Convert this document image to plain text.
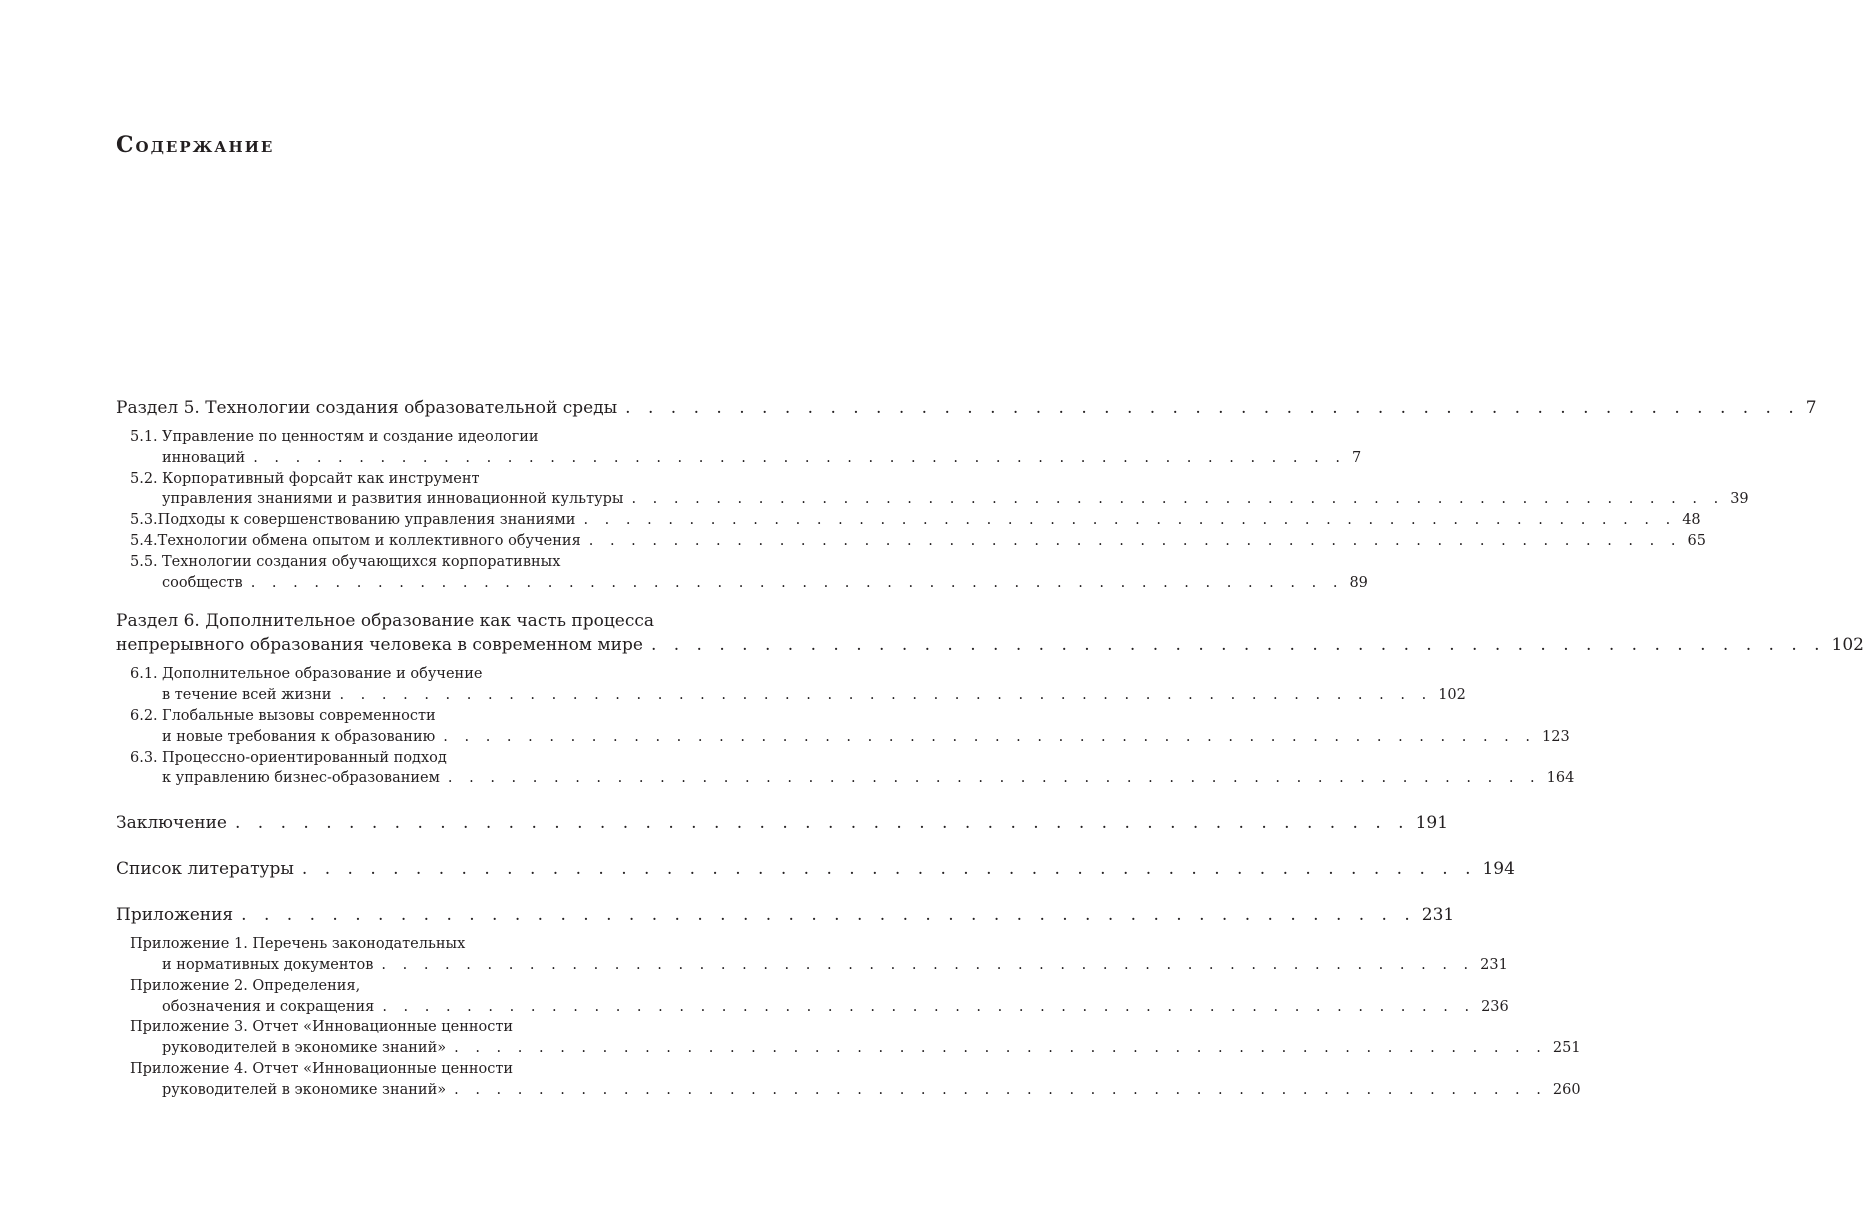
Содержание
Раздел 5. Технологии создания образовательной среды . . . . . . . . . . . . . . . . . . . . . . . . . . . . . . . . . . . . . . . . . . . . . . . . . . . . 7
5.1. Управление по ценностям и создание идеологии
инноваций . . . . . . . . . . . . . . . . . . . . . . . . . . . . . . . . . . . . . . . . . . . . . . . . . . . . 7
5.2. Корпоративный форсайт как инструмент
управления знаниями и развития инновационной культуры . . . . . . . . . . . . . . . . . . . . . . . . . . . . . . . . . . . . . . . . . . . . . . . . . . . . 39
5.3. Подходы к совершенствованию управления знаниями . . . . . . . . . . . . . . . . . . . . . . . . . . . . . . . . . . . . . . . . . . . . . . . . . . . . 48
5.4. Технологии обмена опытом и коллективного обучения . . . . . . . . . . . . . . . . . . . . . . . . . . . . . . . . . . . . . . . . . . . . . . . . . . . . 65
5.5. Технологии создания обучающихся корпоративных
сообществ . . . . . . . . . . . . . . . . . . . . . . . . . . . . . . . . . . . . . . . . . . . . . . . . . . . . 89
Раздел 6. Дополнительное образование как часть процесса
непрерывного образования человека в современном мире . . . . . . . . . . . . . . . . . . . . . . . . . . . . . . . . . . . . . . . . . . . . . . . . . . . . 102
6.1. Дополнительное образование и обучение
в течение всей жизни . . . . . . . . . . . . . . . . . . . . . . . . . . . . . . . . . . . . . . . . . . . . . . . . . . . . 102
6.2. Глобальные вызовы современности
и новые требования к образованию . . . . . . . . . . . . . . . . . . . . . . . . . . . . . . . . . . . . . . . . . . . . . . . . . . . . 123
6.3. Процессно-ориентированный подход
к управлению бизнес-образованием . . . . . . . . . . . . . . . . . . . . . . . . . . . . . . . . . . . . . . . . . . . . . . . . . . . . 164
Заключение . . . . . . . . . . . . . . . . . . . . . . . . . . . . . . . . . . . . . . . . . . . . . . . . . . . . 191
Список литературы . . . . . . . . . . . . . . . . . . . . . . . . . . . . . . . . . . . . . . . . . . . . . . . . . . . . 194
Приложения . . . . . . . . . . . . . . . . . . . . . . . . . . . . . . . . . . . . . . . . . . . . . . . . . . . . 231
Приложение 1. Перечень законодательных
и нормативных документов . . . . . . . . . . . . . . . . . . . . . . . . . . . . . . . . . . . . . . . . . . . . . . . . . . . . 231
Приложение 2. Определения,
обозначения и сокращения . . . . . . . . . . . . . . . . . . . . . . . . . . . . . . . . . . . . . . . . . . . . . . . . . . . . 236
Приложение 3. Отчет «Инновационные ценности
руководителей в экономике знаний» . . . . . . . . . . . . . . . . . . . . . . . . . . . . . . . . . . . . . . . . . . . . . . . . . . . . 251
Приложение 4. Отчет «Инновационные ценности
руководителей в экономике знаний» . . . . . . . . . . . . . . . . . . . . . . . . . . . . . . . . . . . . . . . . . . . . . . . . . . . . 260
